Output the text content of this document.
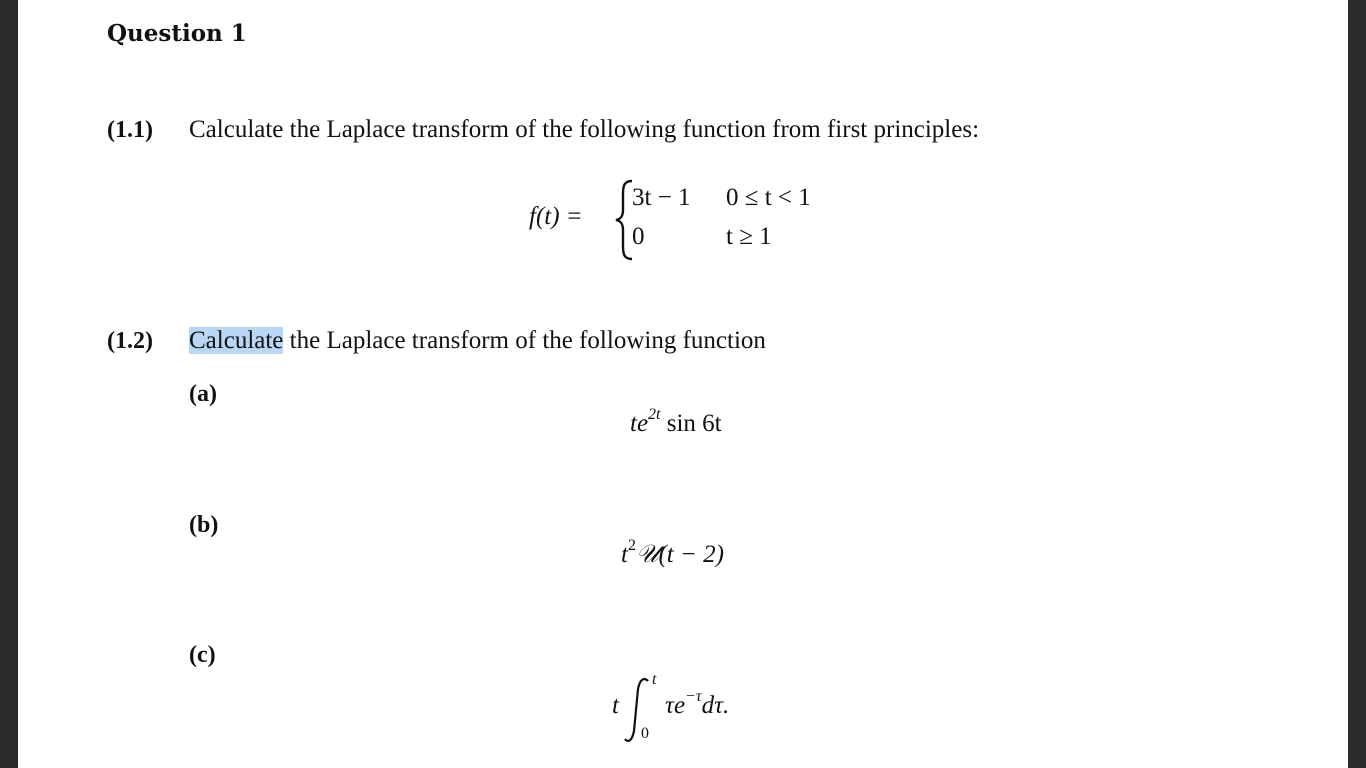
Question 1
(1.1) Calculate the Laplace transform of the following function from first principles:
f(t) =
3t − 1 0 ≤ t < 1
0	t ≥ 1
(1.2) Calculate the Laplace transform of the following function
(a)
$te^{2t}$ sin 6t
(b)
$t^2𝒰(t - 2)$
(c)
t
t
0
$\tau e^{-\tau}d\tau$.
